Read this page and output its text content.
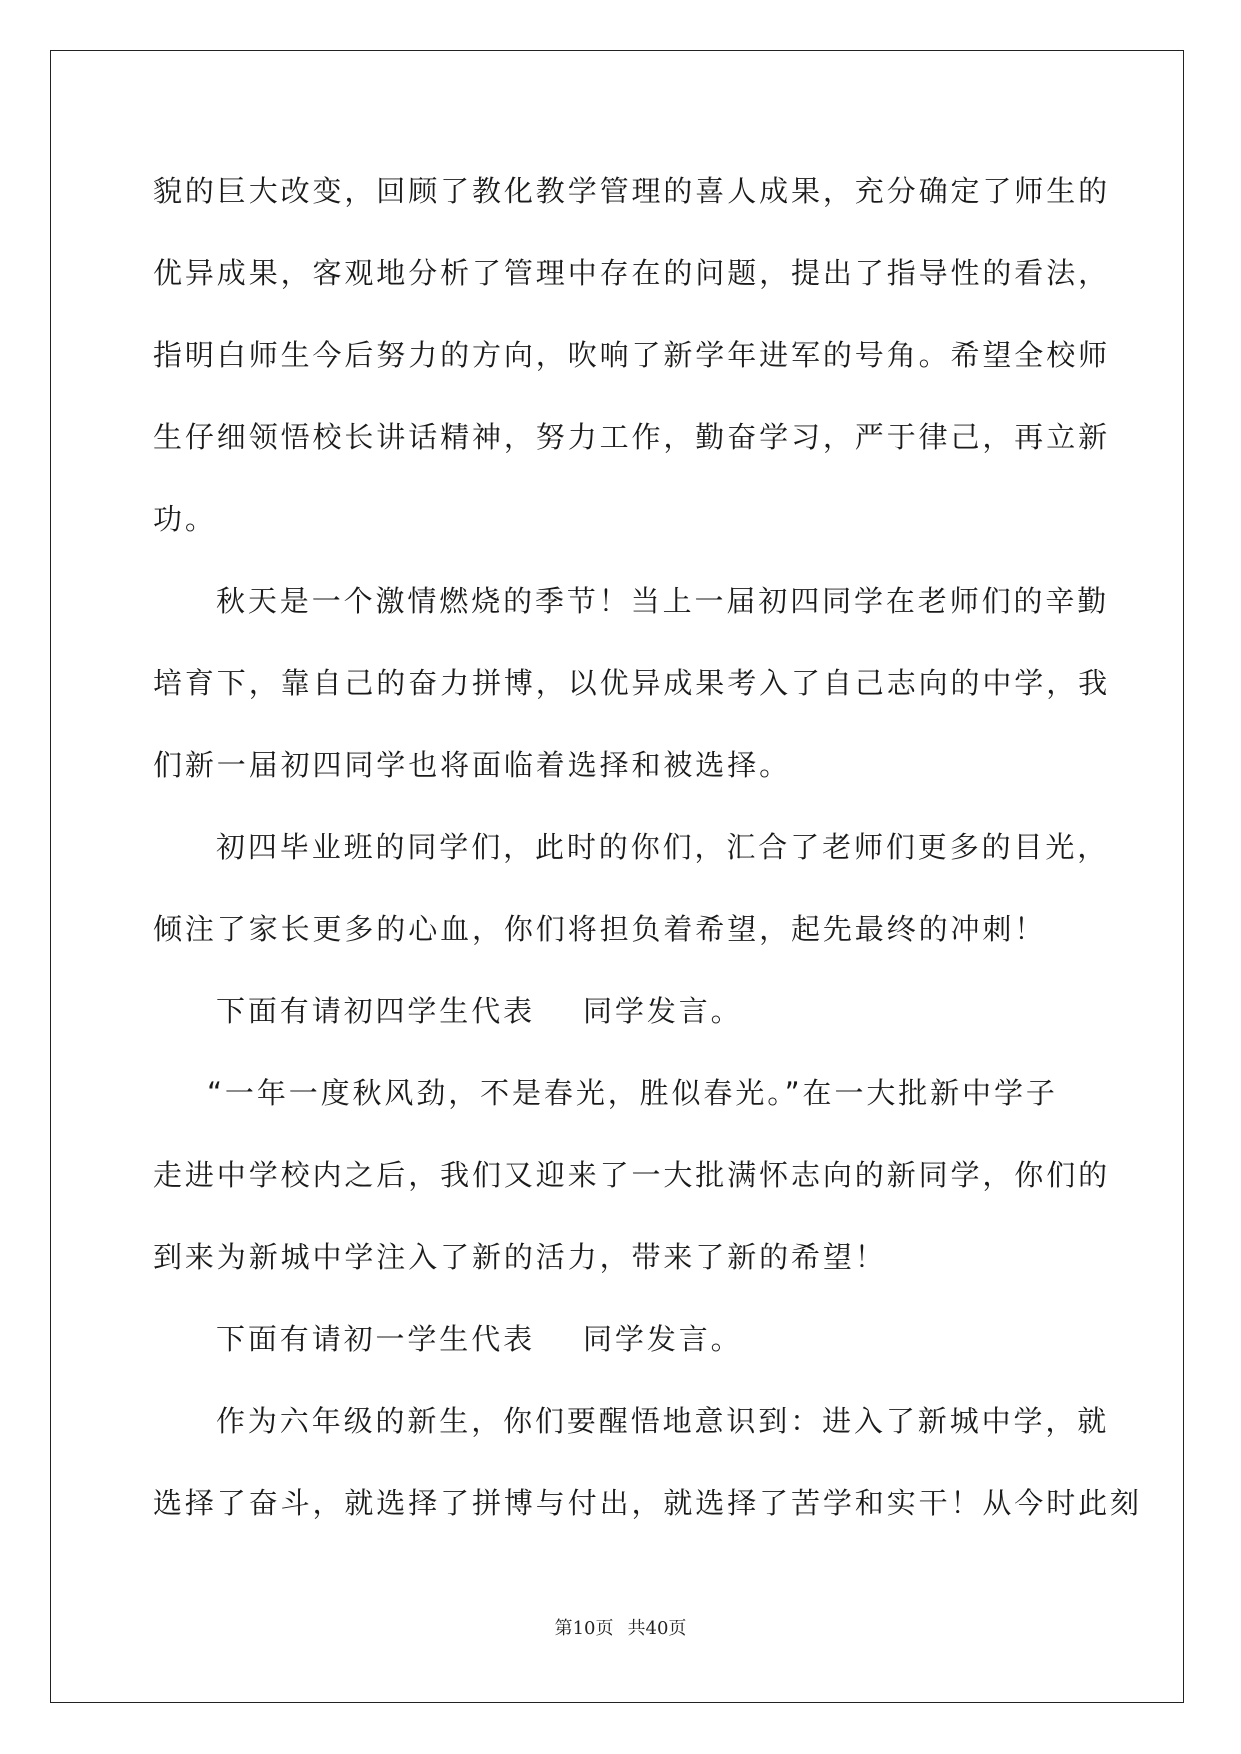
貌的巨大改变，回顾了教化教学管理的喜人成果，充分确定了师生的
优异成果，客观地分析了管理中存在的问题，提出了指导性的看法，
指明白师生今后努力的方向，吹响了新学年进军的号角。希望全校师
生仔细领悟校长讲话精神，努力工作，勤奋学习，严于律己，再立新
功。
秋天是一个激情燃烧的季节！当上一届初四同学在老师们的辛勤
培育下，靠自己的奋力拼博，以优异成果考入了自己志向的中学，我
们新一届初四同学也将面临着选择和被选择。
初四毕业班的同学们，此时的你们，汇合了老师们更多的目光，
倾注了家长更多的心血，你们将担负着希望，起先最终的冲刺！
下面有请初四学生代表 同学发言。
“一年一度秋风劲，不是春光，胜似春光。”在一大批新中学子
走进中学校内之后，我们又迎来了一大批满怀志向的新同学，你们的
到来为新城中学注入了新的活力，带来了新的希望！
下面有请初一学生代表 同学发言。
作为六年级的新生，你们要醒悟地意识到：进入了新城中学，就
选择了奋斗，就选择了拼博与付出，就选择了苦学和实干！从今时此刻
第10页 共40页
